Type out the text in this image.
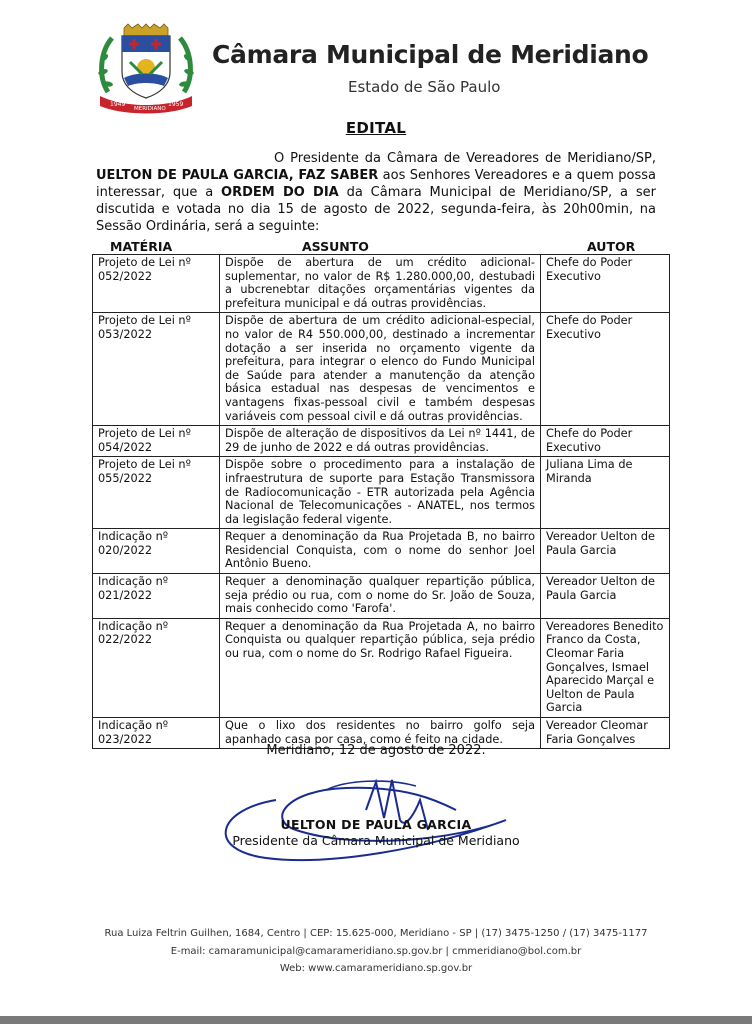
1949
MERIDIANO
1959
Câmara Municipal de Meridiano
Estado de São Paulo
EDITAL

O Presidente da Câmara de Vereadores de Meridiano/SP, UELTON DE PAULA GARCIA, FAZ SABER aos Senhores Vereadores e a quem possa interessar, que a ORDEM DO DIA da Câmara Municipal de Meridiano/SP, a ser discutida e votada no dia 15 de agosto de 2022, segunda-feira, às 20h00min, na Sessão Ordinária, será a seguinte:

MATÉRIA	ASSUNTO	AUTOR
Projeto de Lei nº 052/2022	Dispõe de abertura de um crédito adicional-suplementar, no valor de R$ 1.280.000,00, destubadi a ubcrenebtar ditações orçamentárias vigentes da prefeitura municipal e dá outras providências.	Chefe do Poder Executivo
Projeto de Lei nº 053/2022	Dispõe de abertura de um crédito adicional-especial, no valor de R4 550.000,00, destinado a incrementar dotação a ser inserida no orçamento vigente da prefeitura, para integrar o elenco do Fundo Municipal de Saúde para atender a manutenção da atenção básica estadual nas despesas de vencimentos e vantagens fixas-pessoal civil e também despesas variáveis com pessoal civil e dá outras providências.	Chefe do Poder Executivo
Projeto de Lei nº 054/2022	Dispõe de alteração de dispositivos da Lei nº 1441, de 29 de junho de 2022 e dá outras providências.	Chefe do Poder Executivo
Projeto de Lei nº 055/2022	Dispõe sobre o procedimento para a instalação de infraestrutura de suporte para Estação Transmissora de Radiocomunicação - ETR autorizada pela Agência Nacional de Telecomunicações - ANATEL, nos termos da legislação federal vigente.	Juliana Lima de Miranda
Indicação nº 020/2022	Requer a denominação da Rua Projetada B, no bairro Residencial Conquista, com o nome do senhor Joel Antônio Bueno.	Vereador Uelton de Paula Garcia
Indicação nº 021/2022	Requer a denominação qualquer repartição pública, seja prédio ou rua, com o nome do Sr. João de Souza, mais conhecido como 'Farofa'.	Vereador Uelton de Paula Garcia
Indicação nº 022/2022	Requer a denominação da Rua Projetada A, no bairro Conquista ou qualquer repartição pública, seja prédio ou rua, com o nome do Sr. Rodrigo Rafael Figueira.	Vereadores Benedito Franco da Costa, Cleomar Faria Gonçalves, Ismael Aparecido Marçal e Uelton de Paula Garcia
Indicação nº 023/2022	Que o lixo dos residentes no bairro golfo seja apanhado casa por casa, como é feito na cidade.	Vereador Cleomar Faria Gonçalves
Meridiano, 12 de agosto de 2022.
UELTON DE PAULA GARCIA
Presidente da Câmara Municipal de Meridiano
Rua Luiza Feltrin Guilhen, 1684, Centro | CEP: 15.625-000, Meridiano - SP | (17) 3475-1250 / (17) 3475-1177
E-mail: camaramunicipal@camarameridiano.sp.gov.br | cmmeridiano@bol.com.br
Web: www.camarameridiano.sp.gov.br
